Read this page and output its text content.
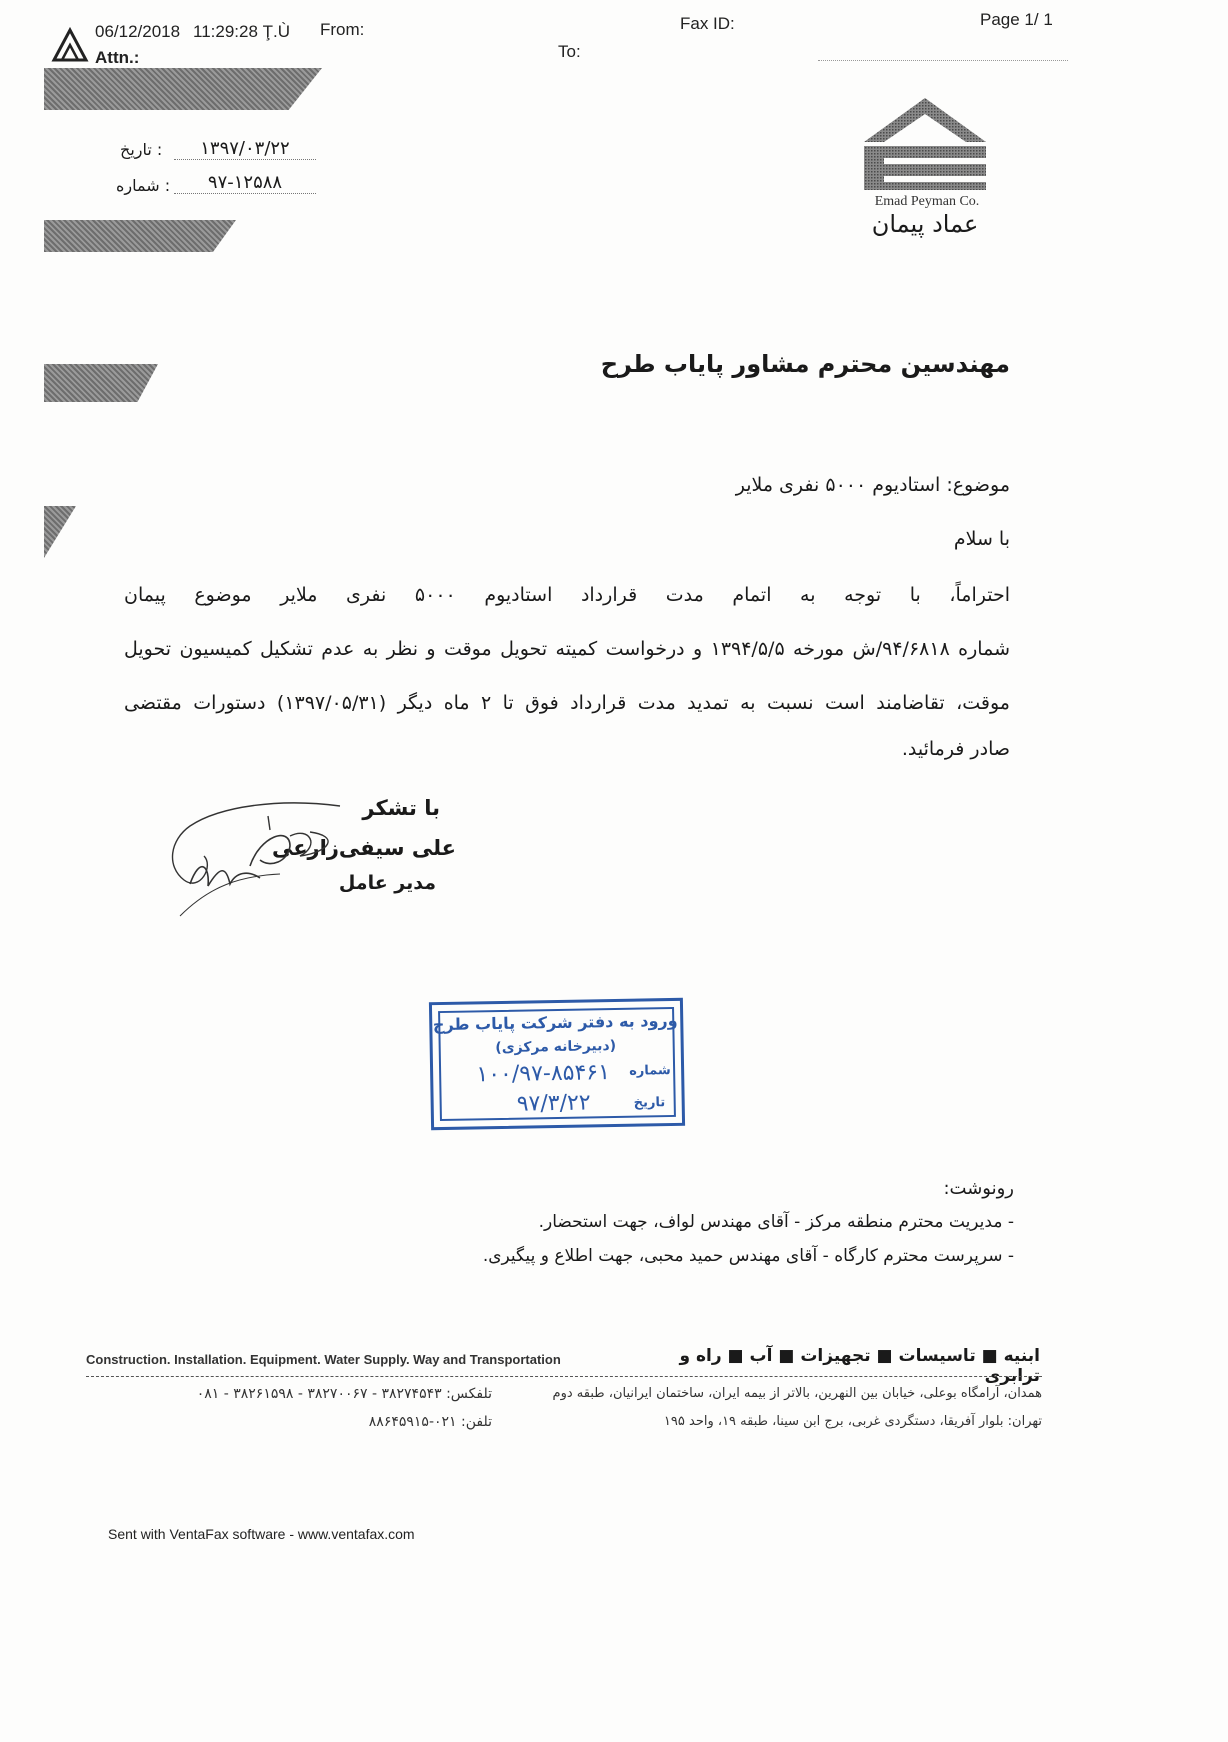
06/12/2018 11:29:28 Ţ.Ù From:
Attn.:
Fax ID:
To:
Page 1/ 1
۱۳۹۷/۰۳/۲۲
: تاریخ
۹۷-۱۲۵۸۸
: شماره
Emad Peyman Co.
عماد پیمان
مهندسین محترم مشاور پایاب طرح
موضوع: استادیوم ۵۰۰۰ نفری ملایر
با سلام
احتراماً، با توجه به اتمام مدت قرارداد استادیوم ۵۰۰۰ نفری ملایر موضوع پیمان
شماره ۹۴/۶۸۱۸/ش مورخه ۱۳۹۴/۵/۵ و درخواست کمیته تحویل موقت و نظر به عدم تشکیل کمیسیون تحویل
موقت، تقاضامند است نسبت به تمدید مدت قرارداد فوق تا ۲ ماه دیگر (۱۳۹۷/۰۵/۳۱) دستورات مقتضی
صادر فرمائید.
با تشکر
علی سیفی‌زارعی
مدیر عامل
ورود به دفتر شرکت پایاب طرح
(دبیرخانه مرکزی)
شماره
۱۰۰/۹۷-۸۵۴۶۱
تاریخ
۹۷/۳/۲۲
رونوشت:
- مدیریت محترم منطقه مرکز - آقای مهندس لواف، جهت استحضار.
- سرپرست محترم کارگاه - آقای مهندس حمید محبی، جهت اطلاع و پیگیری.
Construction. Installation. Equipment. Water Supply. Way and Transportation	ابنیه ■ تاسیسات ■ تجهیزات ■ آب ■ راه و ترابری
همدان، آرامگاه بوعلی، خیابان بین النهرین، بالاتر از بیمه ایران، ساختمان ایرانیان، طبقه دوم
تلفکس: ۳۸۲۷۴۵۴۳ - ۳۸۲۷۰۰۶۷ - ۳۸۲۶۱۵۹۸ - ۰۸۱
تهران: بلوار آفریقا، دستگردی غربی، برج ابن سینا، طبقه ۱۹، واحد ۱۹۵
تلفن: ۰۲۱-۸۸۶۴۵۹۱۵
Sent with VentaFax software - www.ventafax.com
